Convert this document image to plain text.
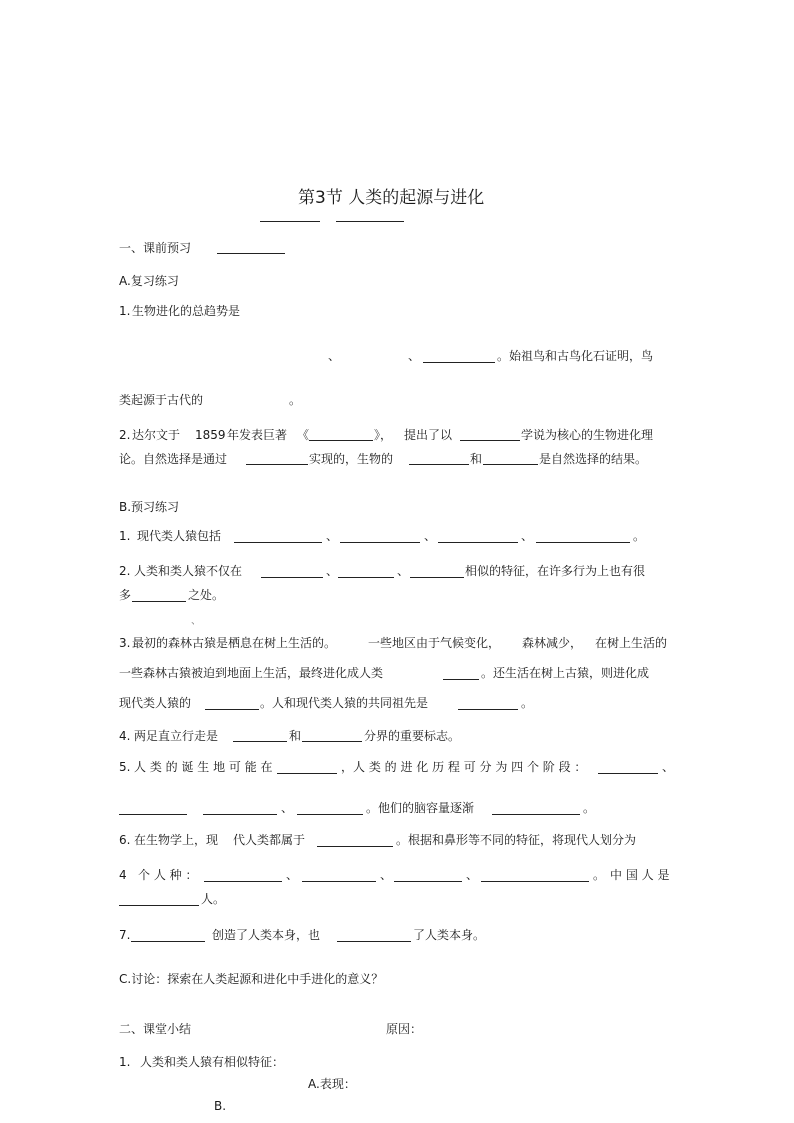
第3节 人类的起源与进化
一、课前预习
A.复习练习
1. 生物进化的总趋势是
、	、	。始祖鸟和古鸟化石证明，鸟
类起源于古代的	。
2. 达尔文于 1859 年发表巨著 《	》， 提出了以	学说为核心的生物进化理
论。自然选择是通过	实现的，生物的	和	是自然选择的结果。
B.预习练习
1. 现代类人猿包括	、	、	、	。
2. 人类和类人猿不仅在	、	、	相似的特征，在许多行为上也有很
多	之处。
、
3. 最初的森林古猿是栖息在树上生活的。	一些地区由于气候变化， 森林减少， 在树上生活的
一些森林古猿被迫到地面上生活，最终进化成人类	。还生活在树上古猿，则进化成
现代类人猿的	。人和现代类人猿的共同祖先是	。
4. 两足直立行走是	和	分界的重要标志。
5. 人 类 的 诞 生 地 可 能 在	，人 类 的 进 化 历 程 可 分 为 四 个 阶 段 ：	、
、	。他们的脑容量逐渐	。
6. 在生物学上，现 代人类都属于	。根据和鼻形等不同的特征，将现代人划分为
4 个 人 种 ：	、	、	、	。 中 国 人 是
人。
7.	创造了人类本身，也	了人类本身。
C.讨论：探索在人类起源和进化中手进化的意义？
二、课堂小结	原因：
1. 人类和类人猿有相似特征：
A.表现：
B.
